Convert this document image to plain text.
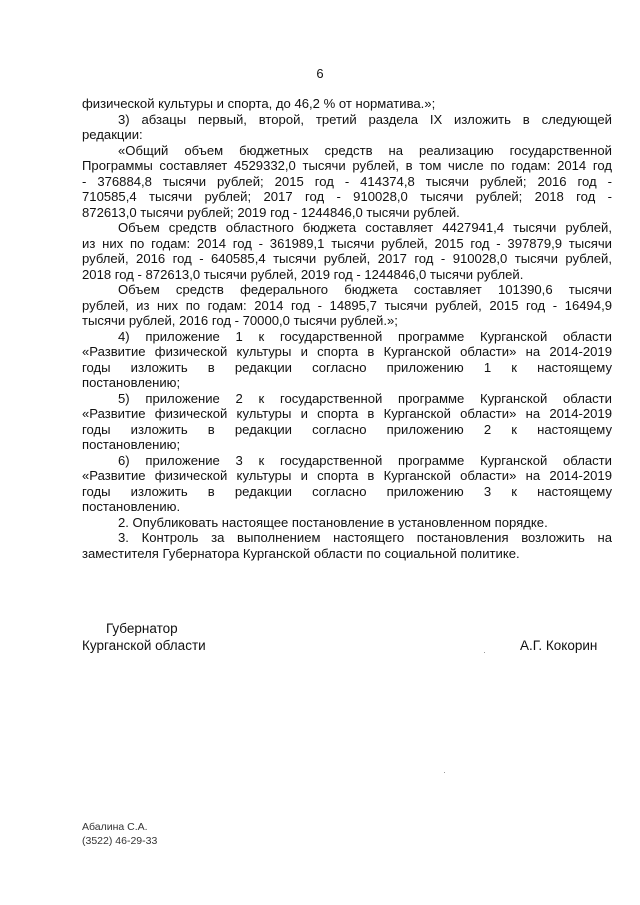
6
физической культуры и спорта, до 46,2 % от норматива.»;
3) абзацы первый, второй, третий раздела IX изложить в следующей
редакции:
«Общий объем бюджетных средств на реализацию государственной
Программы составляет 4529332,0 тысячи рублей, в том числе по годам: 2014 год
- 376884,8 тысячи рублей; 2015 год - 414374,8 тысячи рублей; 2016 год -
710585,4 тысячи рублей; 2017 год - 910028,0 тысячи рублей; 2018 год -
872613,0 тысячи рублей; 2019 год - 1244846,0 тысячи рублей.
Объем средств областного бюджета составляет 4427941,4 тысячи рублей,
из них по годам: 2014 год - 361989,1 тысячи рублей, 2015 год - 397879,9 тысячи
рублей, 2016 год - 640585,4 тысячи рублей, 2017 год - 910028,0 тысячи рублей,
2018 год - 872613,0 тысячи рублей, 2019 год - 1244846,0 тысячи рублей.
Объем средств федерального бюджета составляет 101390,6 тысячи
рублей, из них по годам: 2014 год - 14895,7 тысячи рублей, 2015 год - 16494,9
тысячи рублей, 2016 год - 70000,0 тысячи рублей.»;
4) приложение 1 к государственной программе Курганской области
«Развитие физической культуры и спорта в Курганской области» на 2014-2019
годы изложить в редакции согласно приложению 1 к настоящему
постановлению;
5) приложение 2 к государственной программе Курганской области
«Развитие физической культуры и спорта в Курганской области» на 2014-2019
годы изложить в редакции согласно приложению 2 к настоящему
постановлению;
6) приложение 3 к государственной программе Курганской области
«Развитие физической культуры и спорта в Курганской области» на 2014-2019
годы изложить в редакции согласно приложению 3 к настоящему
постановлению.
2. Опубликовать настоящее постановление в установленном порядке.
3. Контроль за выполнением настоящего постановления возложить на
заместителя Губернатора Курганской области по социальной политике.
Губернатор
Курганской области	А.Г. Кокорин
Абалина С.А.
(3522) 46-29-33
